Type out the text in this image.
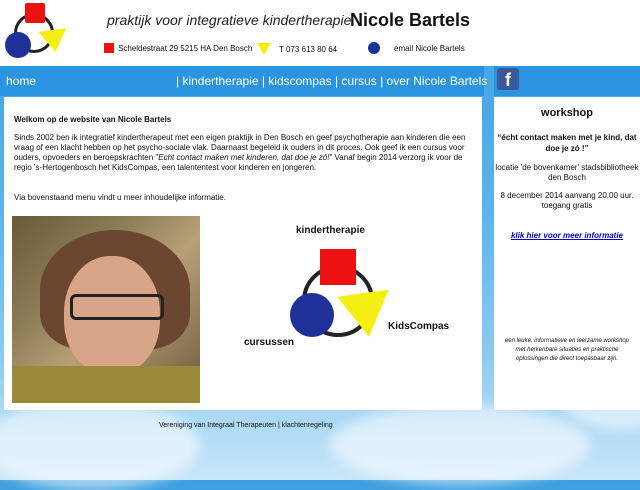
praktijk voor integratieve kindertherapie
Nicole Bartels
Scheldestraat 29 5215 HA Den Bosch	T 073 613 80 64	email Nicole Bartels
home	| kindertherapie | kidscompas | cursus | over Nicole Bartels f
Welkom op de website van Nicole Bartels
Sinds 2002 ben ik integratief kindertherapeut met een eigen praktijk in Den Bosch en geef psychotherapie aan kinderen die een vraag of een klacht hebben op het psycho-sociale vlak. Daarnaast begeleid ik ouders in dit proces. Ook geef ik een cursus voor ouders, opvoeders en beroepskrachten "Echt contact maken met kinderen, dat doe je zó!" Vanaf begin 2014 verzorg ik voor de regio 's-Hertogenbosch het KidsCompas, een talententest voor kinderen en jongeren.
Via bovenstaand menu vindt u meer inhoudelijke informatie.
kindertherapie
KidsCompas
cursussen
workshop
“écht contact maken met je kind, dat doe je zó !”
locatie 'de bovenkamer' stadsbibliotheek den Bosch
8 december 2014 aanvang 20.00 uur. toegang gratis
klik hier voor meer informatie
een leuke, informatieve en leerzame workshop met herkenbare situaties en praktische oplossingen die direct toepasbaar zijn.
Vereniging van Integraal Therapeuten | klachtenregeling
